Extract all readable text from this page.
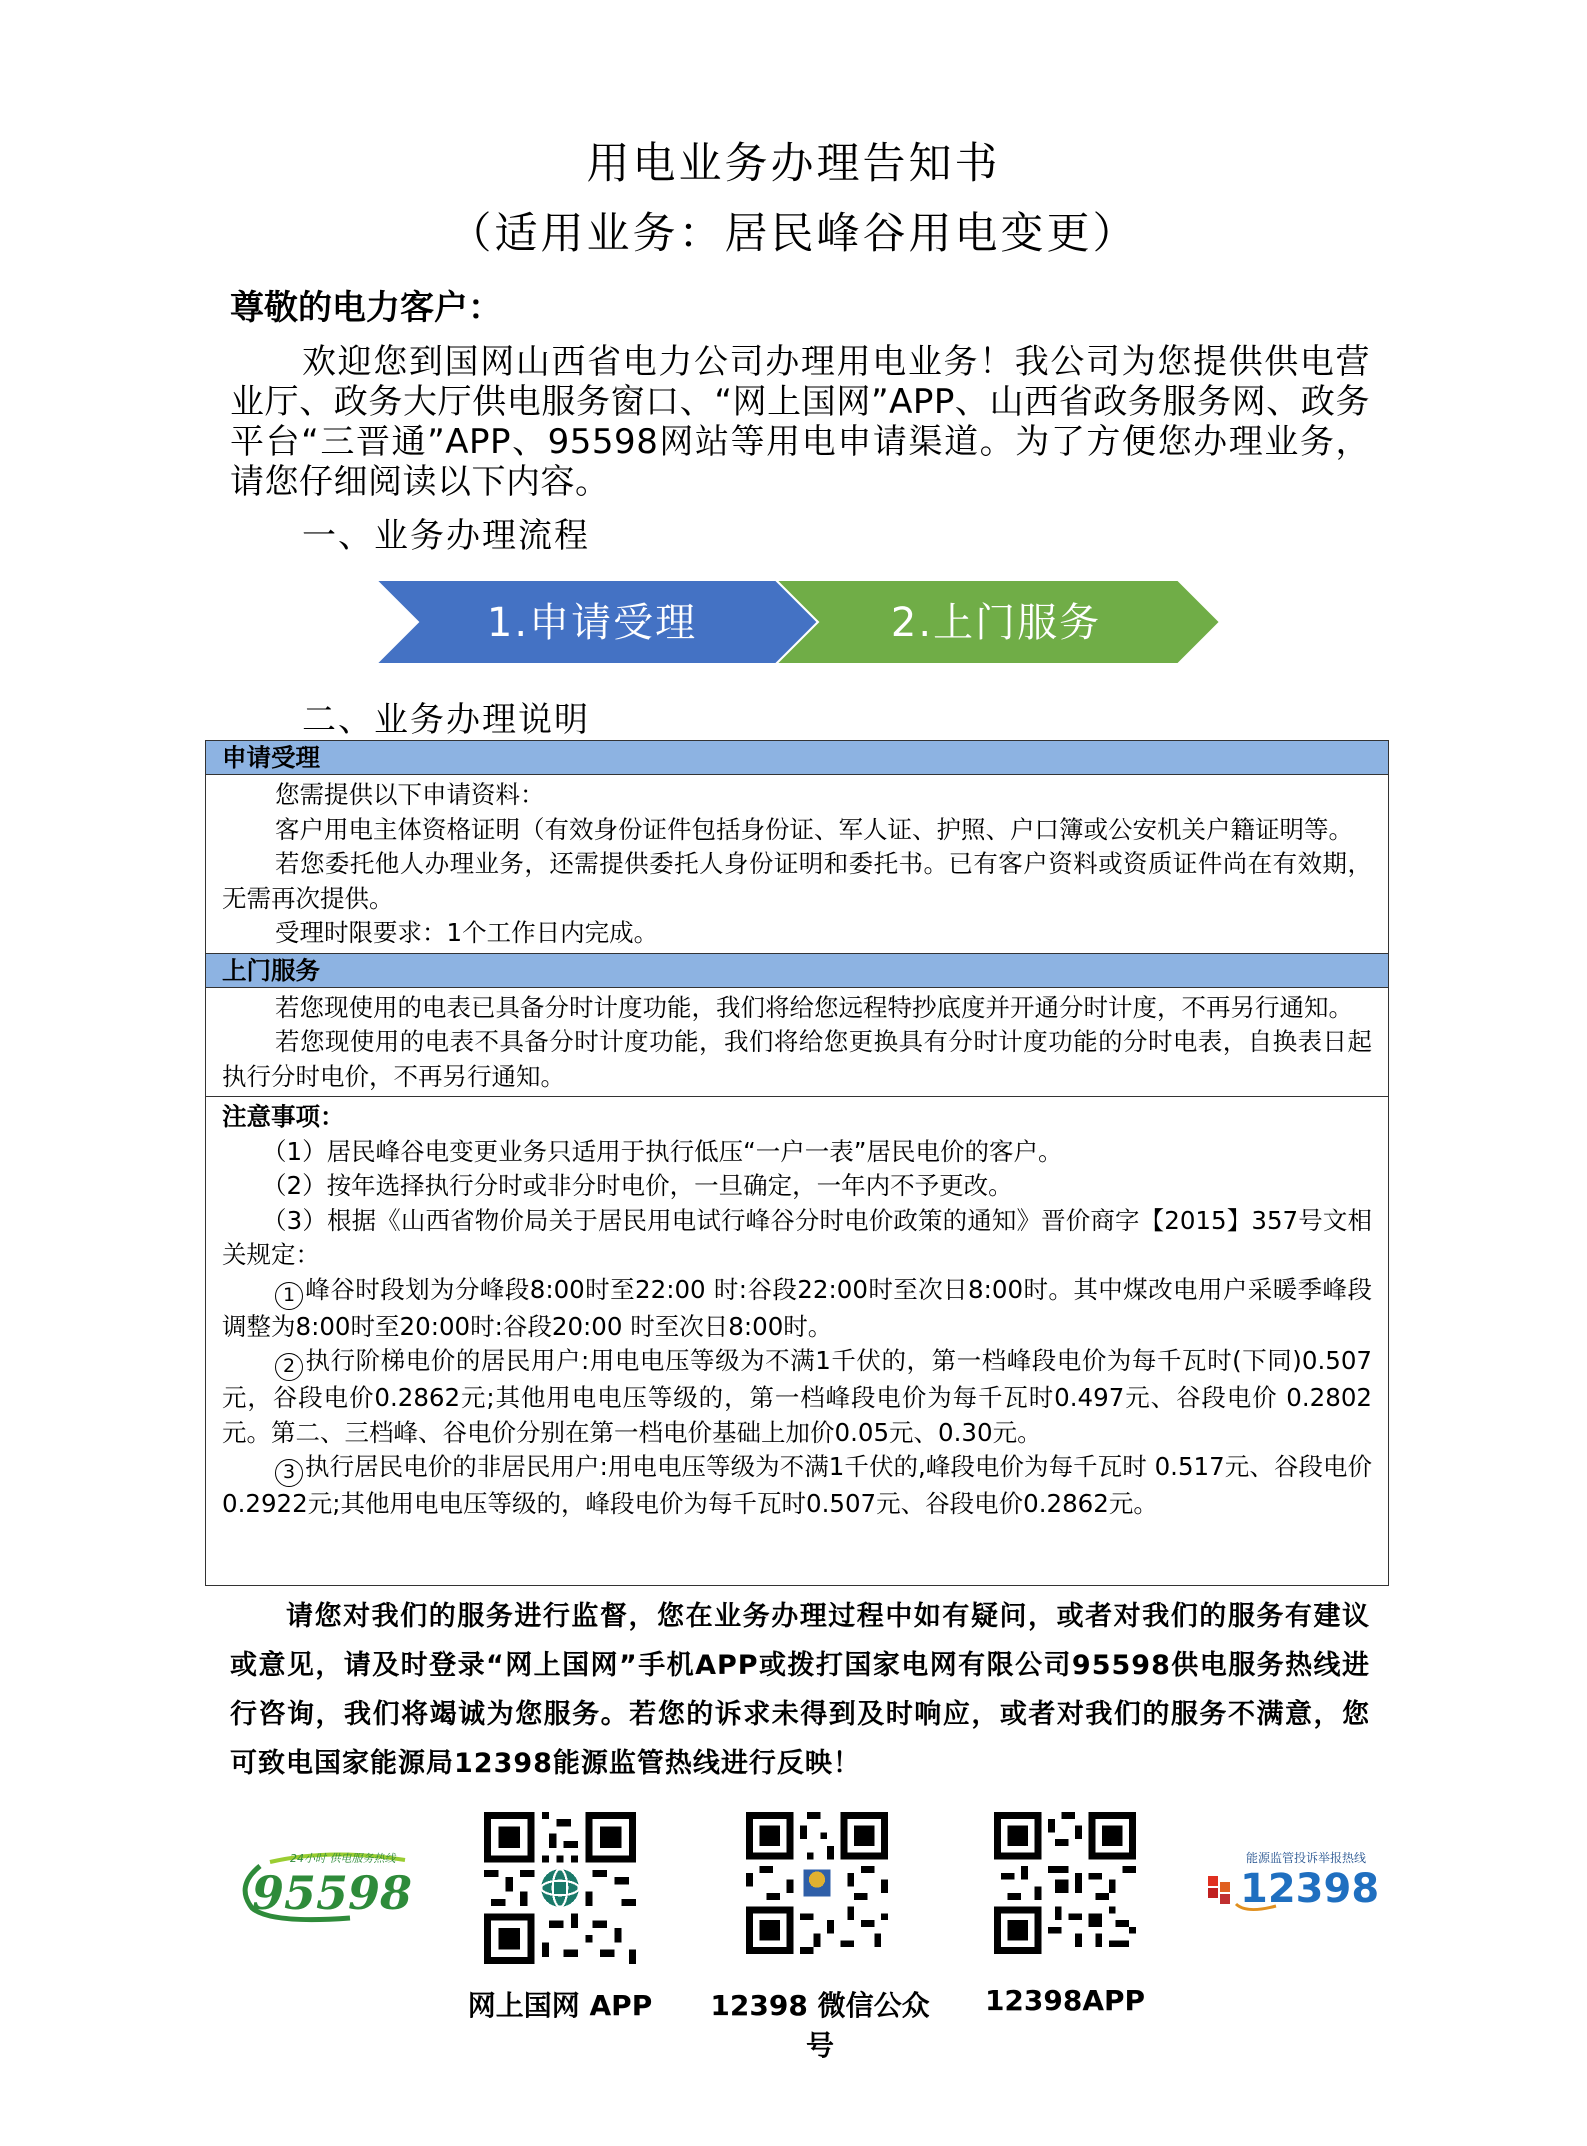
用电业务办理告知书
（适用业务：居民峰谷用电变更）
尊敬的电力客户：
欢迎您到国网山西省电力公司办理用电业务！我公司为您提供供电营业厅、政务大厅供电服务窗口、“网上国网”APP、山西省政务服务网、政务平台“三晋通”APP、95598网站等用电申请渠道。为了方便您办理业务，请您仔细阅读以下内容。
一、业务办理流程
1.申请受理	2.上门服务
二、业务办理说明
申请受理

您需提供以下申请资料：

客户用电主体资格证明（有效身份证件包括身份证、军人证、护照、户口簿或公安机关户籍证明等。

若您委托他人办理业务，还需提供委托人身份证明和委托书。已有客户资料或资质证件尚在有效期，无需再次提供。

受理时限要求：1个工作日内完成。

上门服务

若您现使用的电表已具备分时计度功能，我们将给您远程特抄底度并开通分时计度，不再另行通知。

若您现使用的电表不具备分时计度功能，我们将给您更换具有分时计度功能的分时电表，自换表日起执行分时电价，不再另行通知。

注意事项：

（1）居民峰谷电变更业务只适用于执行低压“一户一表”居民电价的客户。

（2）按年选择执行分时或非分时电价，一旦确定，一年内不予更改。

（3）根据《山西省物价局关于居民用电试行峰谷分时电价政策的通知》晋价商字【2015】357号文相关规定：

1 峰谷时段划为分峰段8:00时至22:00 时:谷段22:00时至次日8:00时。其中煤改电用户采暖季峰段调整为8:00时至20:00时:谷段20:00 时至次日8:00时。

2 执行阶梯电价的居民用户:用电电压等级为不满1千伏的，第一档峰段电价为每千瓦时(下同)0.507元，谷段电价0.2862元;其他用电电压等级的，第一档峰段电价为每千瓦时0.497元、谷段电价 0.2802元。第二、三档峰、谷电价分别在第一档电价基础上加价0.05元、0.30元。

3 执行居民电价的非居民用户:用电电压等级为不满1千伏的,峰段电价为每千瓦时 0.517元、谷段电价0.2922元;其他用电电压等级的，峰段电价为每千瓦时0.507元、谷段电价0.2862元。

请您对我们的服务进行监督，您在业务办理过程中如有疑问，或者对我们的服务有建议或意见，请及时登录“网上国网”手机APP或拨打国家电网有限公司95598供电服务热线进行咨询，我们将竭诚为您服务。若您的诉求未得到及时响应，或者对我们的服务不满意，您可致电国家能源局12398能源监管热线进行反映！
24小时 供电服务热线
95598
能源监管投诉举报热线
12398
网上国网 APP	12398 微信公众号
12398APP
